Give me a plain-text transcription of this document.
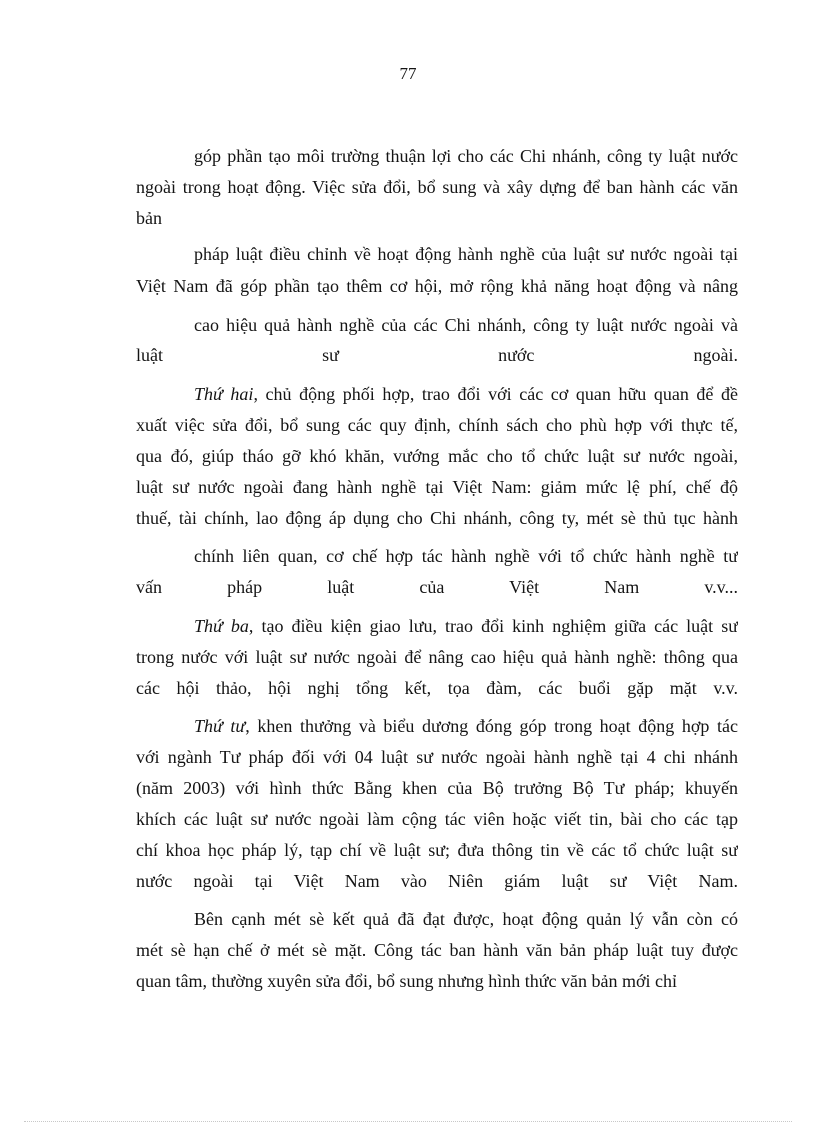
77
góp phần tạo môi trường thuận lợi cho các Chi nhánh, công ty luật nước
ngoài trong hoạt động. Việc sửa đổi, bổ sung và xây dựng để ban hành các văn
bản
pháp luật điều chỉnh về hoạt động hành nghề của luật sư nước ngoài tại
Việt Nam đã góp phần tạo thêm cơ hội, mở rộng khả năng hoạt động và nâng
cao hiệu quả hành nghề của các Chi nhánh, công ty luật nước ngoài và
luật sư nước ngoài.
Thứ hai, chủ động phối hợp, trao đổi với các cơ quan hữu quan để đề
xuất việc sửa đổi, bổ sung các quy định, chính sách cho phù hợp với thực tế,
qua đó, giúp tháo gỡ khó khăn, vướng mắc cho tổ chức luật sư nước ngoài,
luật sư nước ngoài đang hành nghề tại Việt Nam: giảm mức lệ phí, chế độ
thuế, tài chính, lao động áp dụng cho Chi nhánh, công ty, mét sè thủ tục hành
chính liên quan, cơ chế hợp tác hành nghề với tổ chức hành nghề tư
vấn pháp luật của Việt Nam v.v...
Thứ ba, tạo điều kiện giao lưu, trao đổi kinh nghiệm giữa các luật sư
trong nước với luật sư nước ngoài để nâng cao hiệu quả hành nghề: thông qua
các hội thảo, hội nghị tổng kết, tọa đàm, các buổi gặp mặt v.v.
Thứ tư, khen thưởng và biểu dương đóng góp trong hoạt động hợp tác
với ngành Tư pháp đối với 04 luật sư nước ngoài hành nghề tại 4 chi nhánh
(năm 2003) với hình thức Bằng khen của Bộ trưởng Bộ Tư pháp; khuyến
khích các luật sư nước ngoài làm cộng tác viên hoặc viết tin, bài cho các tạp
chí khoa học pháp lý, tạp chí về luật sư; đưa thông tin về các tổ chức luật sư
nước ngoài tại Việt Nam vào Niên giám luật sư Việt Nam.
Bên cạnh mét sè kết quả đã đạt được, hoạt động quản lý vẫn còn có
mét sè hạn chế ở mét sè mặt. Công tác ban hành văn bản pháp luật tuy được
quan tâm, thường xuyên sửa đổi, bổ sung nhưng hình thức văn bản mới chỉ
